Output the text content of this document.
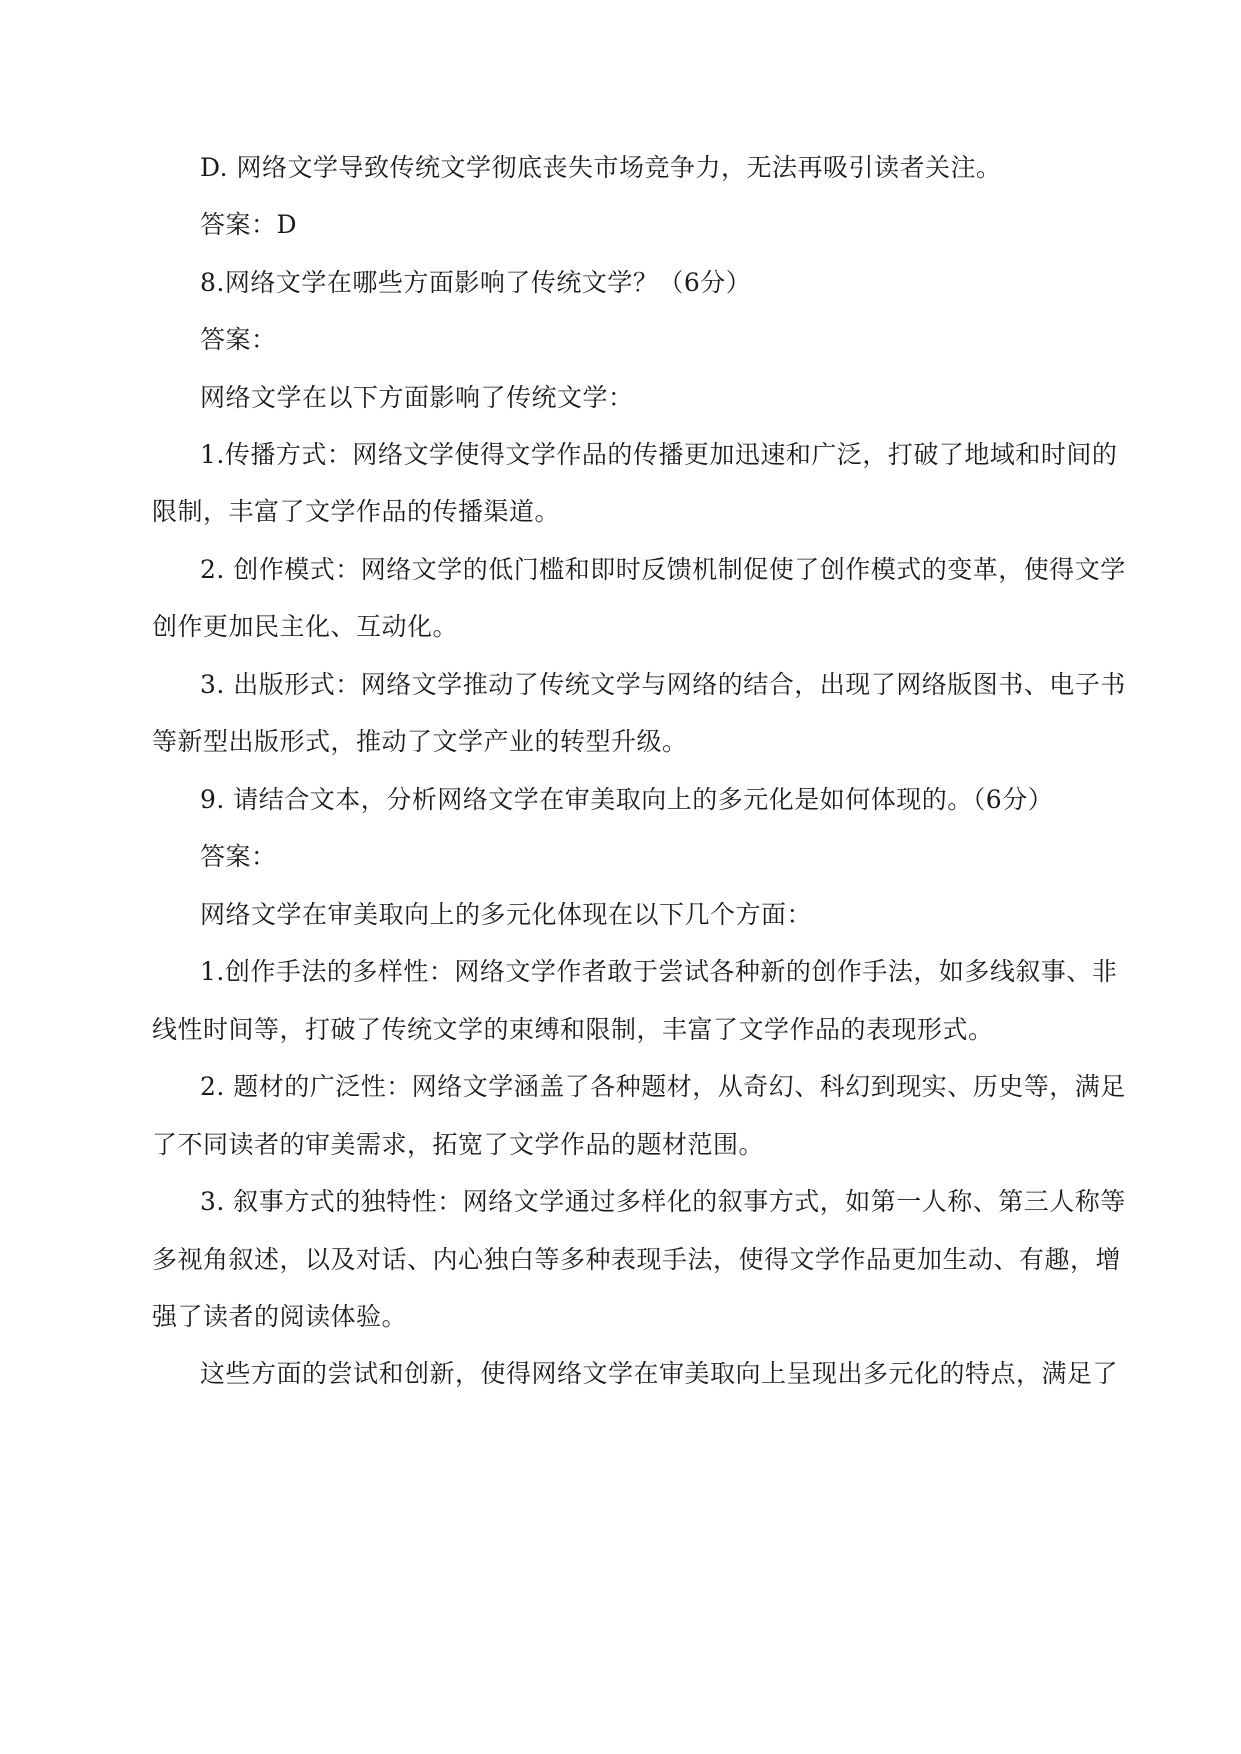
D. 网络文学导致传统文学彻底丧失市场竞争力，无法再吸引读者关注。
答案：D
8.网络文学在哪些方面影响了传统文学？（6分）
答案：
网络文学在以下方面影响了传统文学：
1.传播方式：网络文学使得文学作品的传播更加迅速和广泛，打破了地域和时间的
限制，丰富了文学作品的传播渠道。
2. 创作模式：网络文学的低门槛和即时反馈机制促使了创作模式的变革，使得文学
创作更加民主化、互动化。
3. 出版形式：网络文学推动了传统文学与网络的结合，出现了网络版图书、电子书
等新型出版形式，推动了文学产业的转型升级。
9. 请结合文本，分析网络文学在审美取向上的多元化是如何体现的。（6分）
答案：
网络文学在审美取向上的多元化体现在以下几个方面：
1.创作手法的多样性：网络文学作者敢于尝试各种新的创作手法，如多线叙事、非
线性时间等，打破了传统文学的束缚和限制，丰富了文学作品的表现形式。
2. 题材的广泛性：网络文学涵盖了各种题材，从奇幻、科幻到现实、历史等，满足
了不同读者的审美需求，拓宽了文学作品的题材范围。
3. 叙事方式的独特性：网络文学通过多样化的叙事方式，如第一人称、第三人称等
多视角叙述，以及对话、内心独白等多种表现手法，使得文学作品更加生动、有趣，增
强了读者的阅读体验。
这些方面的尝试和创新，使得网络文学在审美取向上呈现出多元化的特点，满足了
